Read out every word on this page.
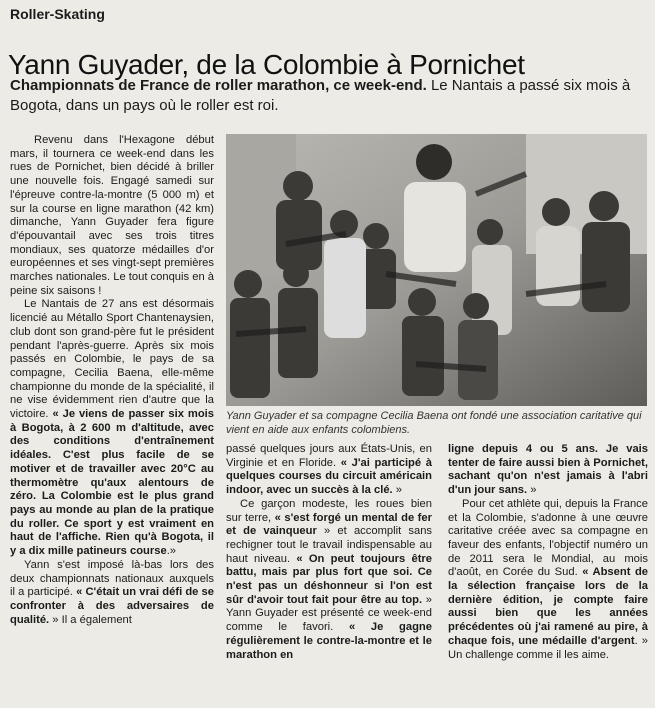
Roller-Skating
Yann Guyader, de la Colombie à Pornichet
Championnats de France de roller marathon, ce week-end. Le Nantais a passé six mois à Bogota, dans un pays où le roller est roi.

Revenu dans l'Hexagone début mars, il tournera ce week-end dans les rues de Pornichet, bien décidé à briller une nouvelle fois. Engagé samedi sur l'épreuve contre-la-montre (5 000 m) et sur la course en ligne marathon (42 km) dimanche, Yann Guyader fera figure d'épouvantail avec ses trois titres mondiaux, ses quatorze médailles d'or européennes et ses vingt-sept premières marches nationales. Le tout conquis en à peine six saisons !

Le Nantais de 27 ans est désormais licencié au Métallo Sport Chantenaysien, club dont son grand-père fut le président pendant l'après-guerre. Après six mois passés en Colombie, le pays de sa compagne, Cecilia Baena, elle-même championne du monde de la spécialité, il ne vise évidemment rien d'autre que la victoire. « Je viens de passer six mois à Bogota, à 2 600 m d'altitude, avec des conditions d'entraînement idéales. C'est plus facile de se motiver et de travailler avec 20°C au thermomètre qu'aux alentours de zéro. La Colombie est le plus grand pays au monde au plan de la pratique du roller. Ce sport y est vraiment en haut de l'affiche. Rien qu'à Bogota, il y a dix mille patineurs course.»

Yann s'est imposé là-bas lors des deux championnats nationaux auxquels il a participé. « C'était un vrai défi de se confronter à des adversaires de qualité. » Il a également

Yann Guyader et sa compagne Cecilia Baena ont fondé une association caritative qui vient en aide aux enfants colombiens.

passé quelques jours aux États-Unis, en Virginie et en Floride. « J'ai participé à quelques courses du circuit américain indoor, avec un succès à la clé. »

Ce garçon modeste, les roues bien sur terre, « s'est forgé un mental de fer et de vainqueur » et accomplit sans rechigner tout le travail indispensable au haut niveau. « On peut toujours être battu, mais par plus fort que soi. Ce n'est pas un déshonneur si l'on est sûr d'avoir tout fait pour être au top. » Yann Guyader est présenté ce week-end comme le favori. « Je gagne régulièrement le contre-la-montre et le marathon en

ligne depuis 4 ou 5 ans. Je vais tenter de faire aussi bien à Pornichet, sachant qu'on n'est jamais à l'abri d'un jour sans. »

Pour cet athlète qui, depuis la France et la Colombie, s'adonne à une œuvre caritative créée avec sa compagne en faveur des enfants, l'objectif numéro un de 2011 sera le Mondial, au mois d'août, en Corée du Sud. « Absent de la sélection française lors de la dernière édition, je compte faire aussi bien que les années précédentes où j'ai ramené au pire, à chaque fois, une médaille d'argent. » Un challenge comme il les aime.
